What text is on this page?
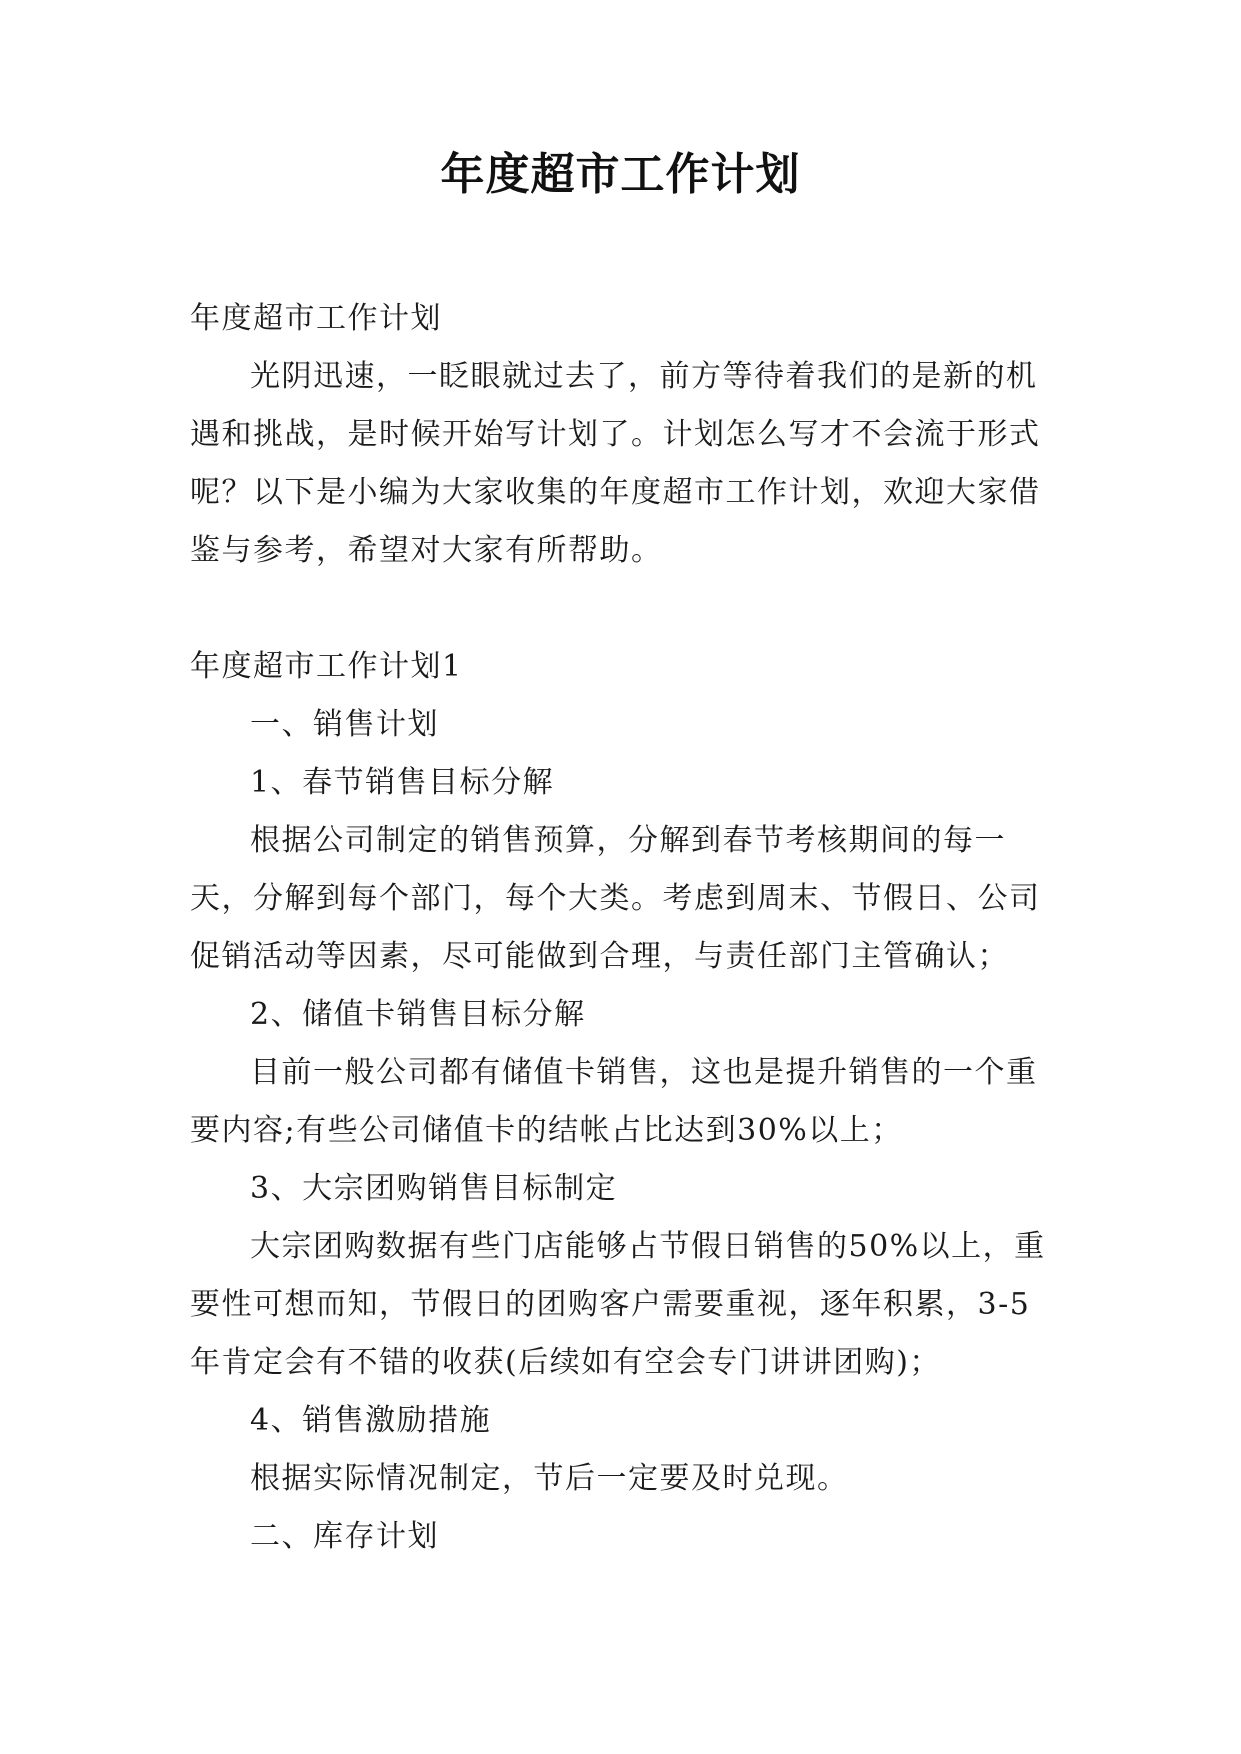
年度超市工作计划

年度超市工作计划

光阴迅速，一眨眼就过去了，前方等待着我们的是新的机遇和挑战，是时候开始写计划了。计划怎么写才不会流于形式呢？以下是小编为大家收集的年度超市工作计划，欢迎大家借鉴与参考，希望对大家有所帮助。

年度超市工作计划1

一、销售计划

1、春节销售目标分解

根据公司制定的销售预算，分解到春节考核期间的每一天，分解到每个部门，每个大类。考虑到周末、节假日、公司促销活动等因素，尽可能做到合理，与责任部门主管确认；

2、储值卡销售目标分解

目前一般公司都有储值卡销售，这也是提升销售的一个重要内容;有些公司储值卡的结帐占比达到30%以上；

3、大宗团购销售目标制定

大宗团购数据有些门店能够占节假日销售的50%以上，重要性可想而知，节假日的团购客户需要重视，逐年积累，3-5年肯定会有不错的收获(后续如有空会专门讲讲团购)；

4、销售激励措施

根据实际情况制定，节后一定要及时兑现。

二、库存计划
